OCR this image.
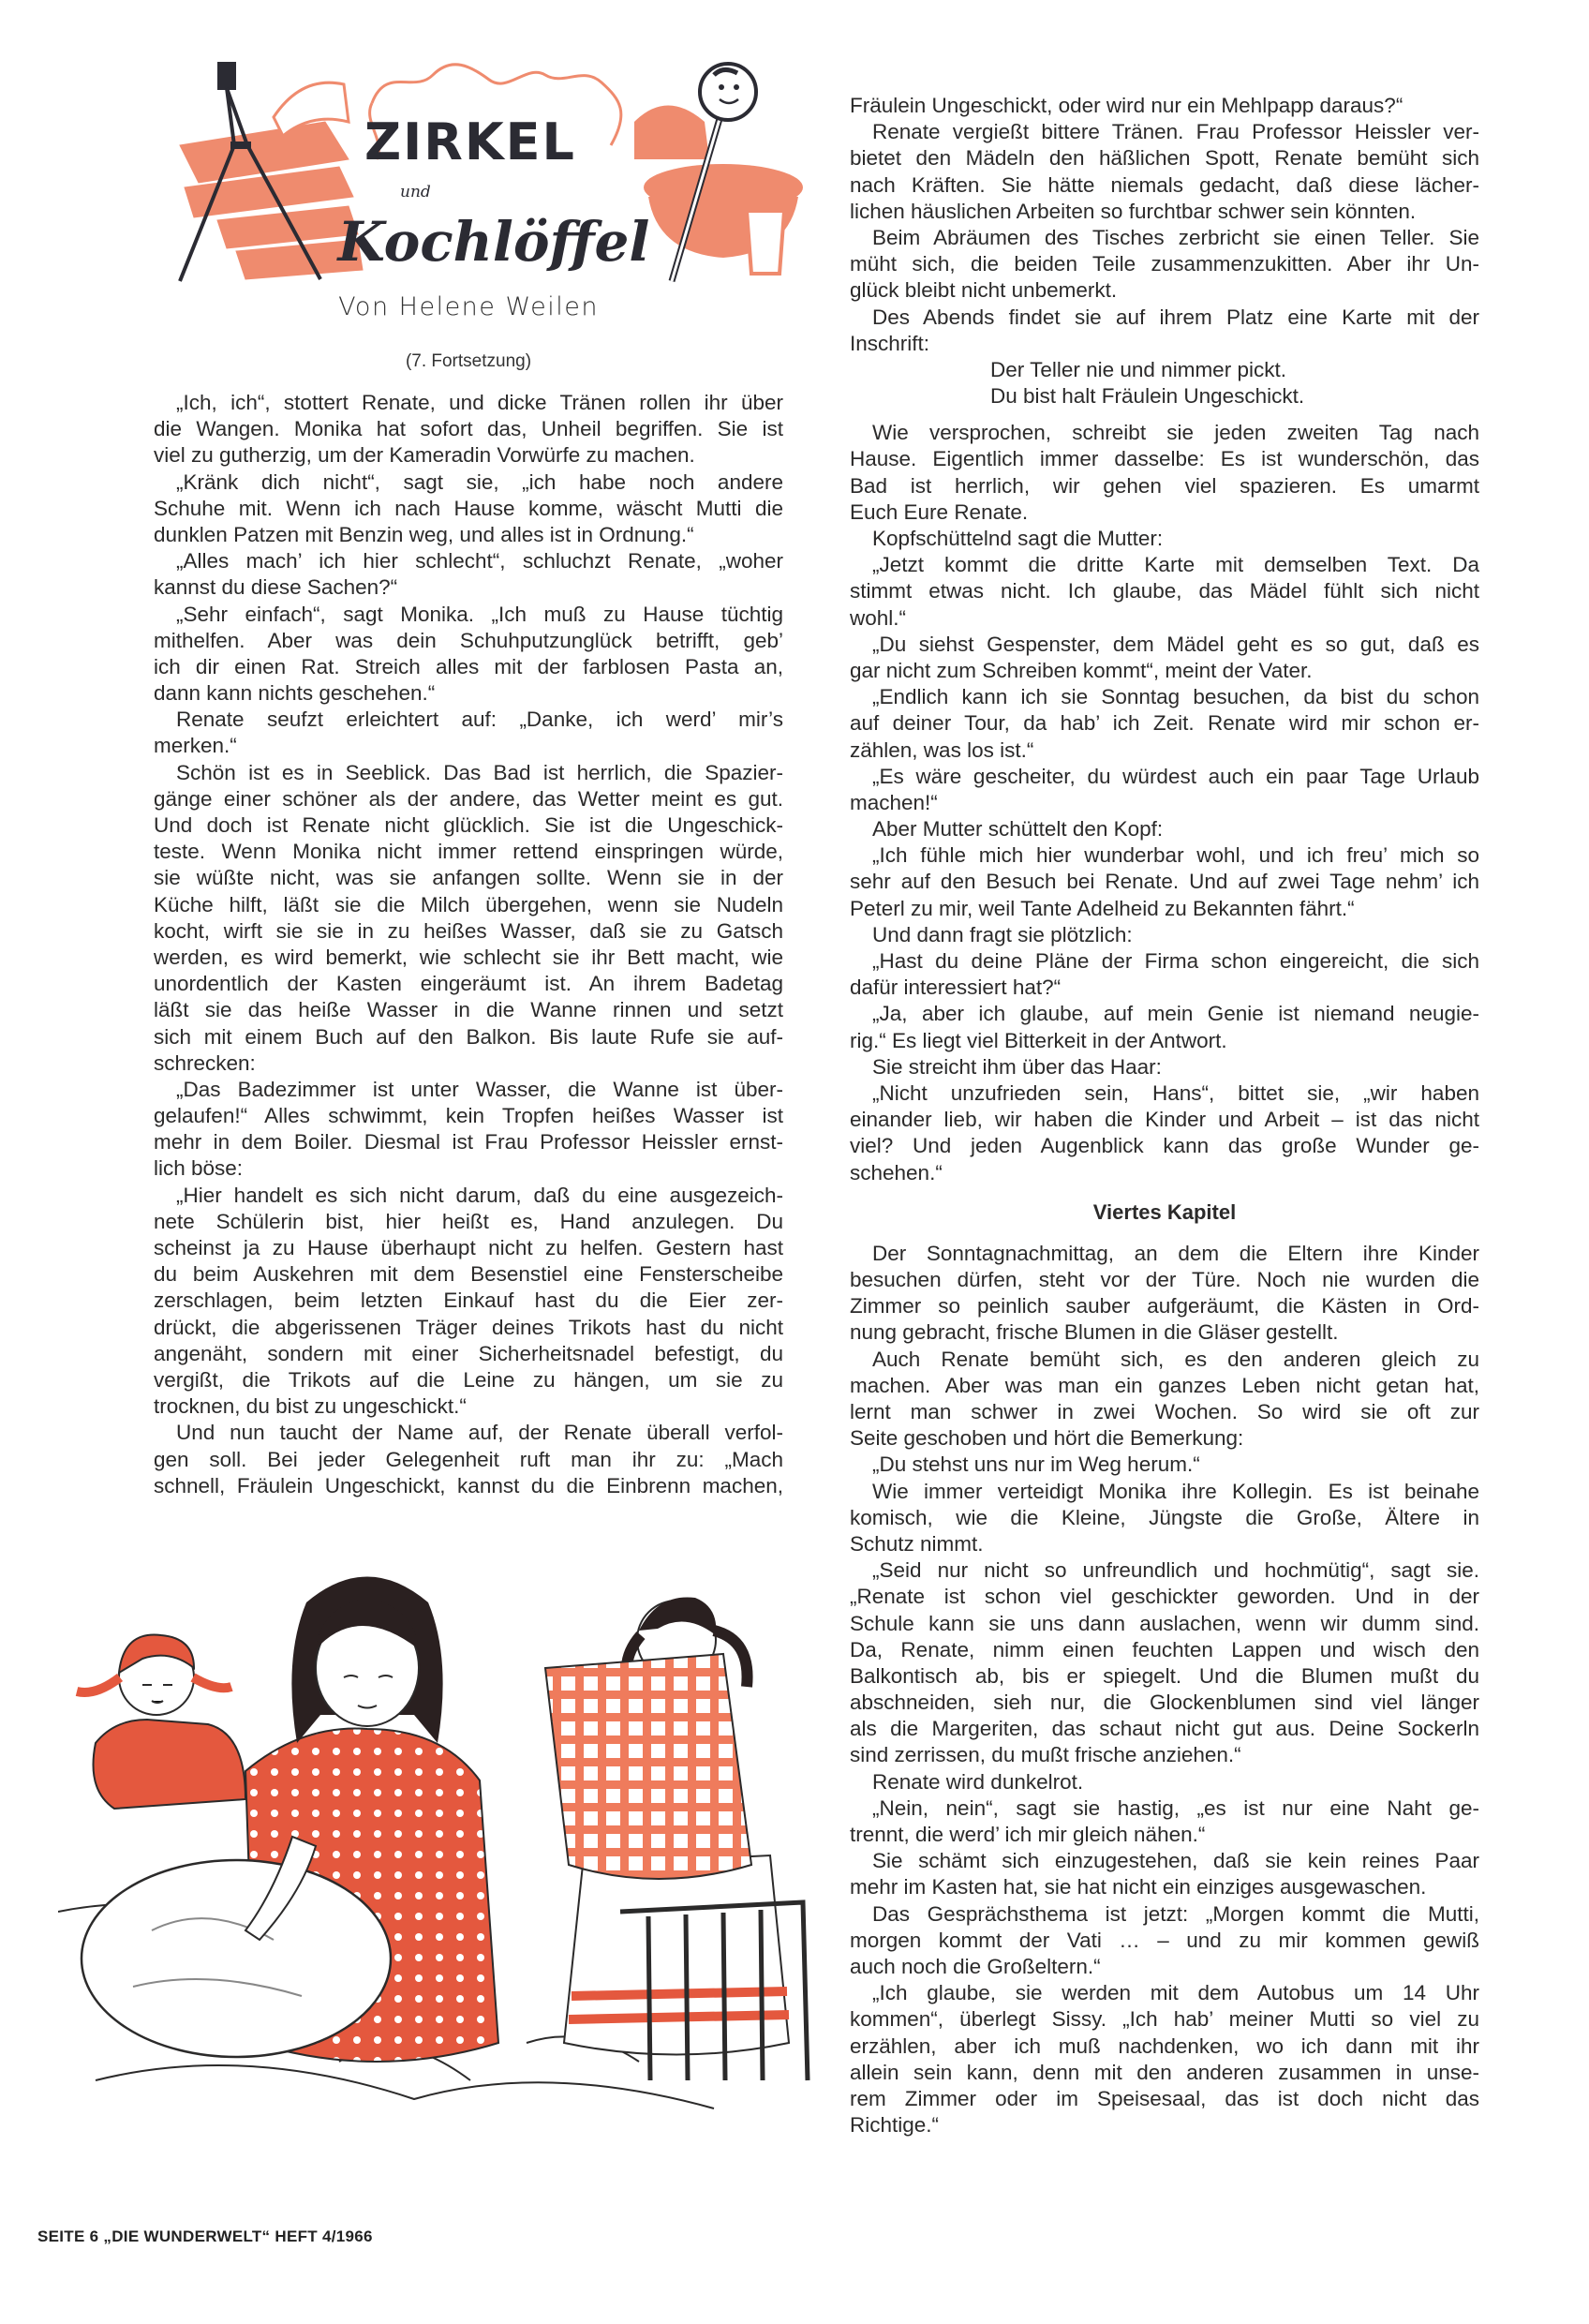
ZIRKEL
und
Kochlöffel
Von Helene Weilen
(7. Fortsetzung)
„Ich, ich“, stottert Renate, und dicke Tränen rollen ihr über
die Wangen. Monika hat sofort das, Unheil begriffen. Sie ist
viel zu gutherzig, um der Kameradin Vorwürfe zu machen.
„Kränk dich nicht“, sagt sie, „ich habe noch andere
Schuhe mit. Wenn ich nach Hause komme, wäscht Mutti die
dunklen Patzen mit Benzin weg, und alles ist in Ordnung.“
„Alles mach’ ich hier schlecht“, schluchzt Renate, „woher
kannst du diese Sachen?“
„Sehr einfach“, sagt Monika. „Ich muß zu Hause tüchtig
mithelfen. Aber was dein Schuhputzunglück betrifft, geb’
ich dir einen Rat. Streich alles mit der farblosen Pasta an,
dann kann nichts geschehen.“
Renate seufzt erleichtert auf: „Danke, ich werd’ mir’s
merken.“
Schön ist es in Seeblick. Das Bad ist herrlich, die Spazier-
gänge einer schöner als der andere, das Wetter meint es gut.
Und doch ist Renate nicht glücklich. Sie ist die Ungeschick-
teste. Wenn Monika nicht immer rettend einspringen würde,
sie wüßte nicht, was sie anfangen sollte. Wenn sie in der
Küche hilft, läßt sie die Milch übergehen, wenn sie Nudeln
kocht, wirft sie sie in zu heißes Wasser, daß sie zu Gatsch
werden, es wird bemerkt, wie schlecht sie ihr Bett macht, wie
unordentlich der Kasten eingeräumt ist. An ihrem Badetag
läßt sie das heiße Wasser in die Wanne rinnen und setzt
sich mit einem Buch auf den Balkon. Bis laute Rufe sie auf-
schrecken:
„Das Badezimmer ist unter Wasser, die Wanne ist über-
gelaufen!“ Alles schwimmt, kein Tropfen heißes Wasser ist
mehr in dem Boiler. Diesmal ist Frau Professor Heissler ernst-
lich böse:
„Hier handelt es sich nicht darum, daß du eine ausgezeich-
nete Schülerin bist, hier heißt es, Hand anzulegen. Du
scheinst ja zu Hause überhaupt nicht zu helfen. Gestern hast
du beim Auskehren mit dem Besenstiel eine Fensterscheibe
zerschlagen, beim letzten Einkauf hast du die Eier zer-
drückt, die abgerissenen Träger deines Trikots hast du nicht
angenäht, sondern mit einer Sicherheitsnadel befestigt, du
vergißt, die Trikots auf die Leine zu hängen, um sie zu
trocknen, du bist zu ungeschickt.“
Und nun taucht der Name auf, der Renate überall verfol-
gen soll. Bei jeder Gelegenheit ruft man ihr zu: „Mach
schnell, Fräulein Ungeschickt, kannst du die Einbrenn machen,
Fräulein Ungeschickt, oder wird nur ein Mehlpapp daraus?“
Renate vergießt bittere Tränen. Frau Professor Heissler ver-
bietet den Mädeln den häßlichen Spott, Renate bemüht sich
nach Kräften. Sie hätte niemals gedacht, daß diese lächer-
lichen häuslichen Arbeiten so furchtbar schwer sein könnten.
Beim Abräumen des Tisches zerbricht sie einen Teller. Sie
müht sich, die beiden Teile zusammenzukitten. Aber ihr Un-
glück bleibt nicht unbemerkt.
Des Abends findet sie auf ihrem Platz eine Karte mit der
Inschrift:
Der Teller nie und nimmer pickt.
Du bist halt Fräulein Ungeschickt.
Wie versprochen, schreibt sie jeden zweiten Tag nach
Hause. Eigentlich immer dasselbe: Es ist wunderschön, das
Bad ist herrlich, wir gehen viel spazieren. Es umarmt
Euch Eure Renate.
Kopfschüttelnd sagt die Mutter:
„Jetzt kommt die dritte Karte mit demselben Text. Da
stimmt etwas nicht. Ich glaube, das Mädel fühlt sich nicht
wohl.“
„Du siehst Gespenster, dem Mädel geht es so gut, daß es
gar nicht zum Schreiben kommt“, meint der Vater.
„Endlich kann ich sie Sonntag besuchen, da bist du schon
auf deiner Tour, da hab’ ich Zeit. Renate wird mir schon er-
zählen, was los ist.“
„Es wäre gescheiter, du würdest auch ein paar Tage Urlaub
machen!“
Aber Mutter schüttelt den Kopf:
„Ich fühle mich hier wunderbar wohl, und ich freu’ mich so
sehr auf den Besuch bei Renate. Und auf zwei Tage nehm’ ich
Peterl zu mir, weil Tante Adelheid zu Bekannten fährt.“
Und dann fragt sie plötzlich:
„Hast du deine Pläne der Firma schon eingereicht, die sich
dafür interessiert hat?“
„Ja, aber ich glaube, auf mein Genie ist niemand neugie-
rig.“ Es liegt viel Bitterkeit in der Antwort.
Sie streicht ihm über das Haar:
„Nicht unzufrieden sein, Hans“, bittet sie, „wir haben
einander lieb, wir haben die Kinder und Arbeit – ist das nicht
viel? Und jeden Augenblick kann das große Wunder ge-
schehen.“
Viertes Kapitel
Der Sonntagnachmittag, an dem die Eltern ihre Kinder
besuchen dürfen, steht vor der Türe. Noch nie wurden die
Zimmer so peinlich sauber aufgeräumt, die Kästen in Ord-
nung gebracht, frische Blumen in die Gläser gestellt.
Auch Renate bemüht sich, es den anderen gleich zu
machen. Aber was man ein ganzes Leben nicht getan hat,
lernt man schwer in zwei Wochen. So wird sie oft zur
Seite geschoben und hört die Bemerkung:
„Du stehst uns nur im Weg herum.“
Wie immer verteidigt Monika ihre Kollegin. Es ist beinahe
komisch, wie die Kleine, Jüngste die Große, Ältere in
Schutz nimmt.
„Seid nur nicht so unfreundlich und hochmütig“, sagt sie.
„Renate ist schon viel geschickter geworden. Und in der
Schule kann sie uns dann auslachen, wenn wir dumm sind.
Da, Renate, nimm einen feuchten Lappen und wisch den
Balkontisch ab, bis er spiegelt. Und die Blumen mußt du
abschneiden, sieh nur, die Glockenblumen sind viel länger
als die Margeriten, das schaut nicht gut aus. Deine Sockerln
sind zerrissen, du mußt frische anziehen.“
Renate wird dunkelrot.
„Nein, nein“, sagt sie hastig, „es ist nur eine Naht ge-
trennt, die werd’ ich mir gleich nähen.“
Sie schämt sich einzugestehen, daß sie kein reines Paar
mehr im Kasten hat, sie hat nicht ein einziges ausgewaschen.
Das Gesprächsthema ist jetzt: „Morgen kommt die Mutti,
morgen kommt der Vati … – und zu mir kommen gewiß
auch noch die Großeltern.“
„Ich glaube, sie werden mit dem Autobus um 14 Uhr
kommen“, überlegt Sissy. „Ich hab’ meiner Mutti so viel zu
erzählen, aber ich muß nachdenken, wo ich dann mit ihr
allein sein kann, denn mit den anderen zusammen in unse-
rem Zimmer oder im Speisesaal, das ist doch nicht das
Richtige.“
SEITE 6 „DIE WUNDERWELT“ HEFT 4/1966
